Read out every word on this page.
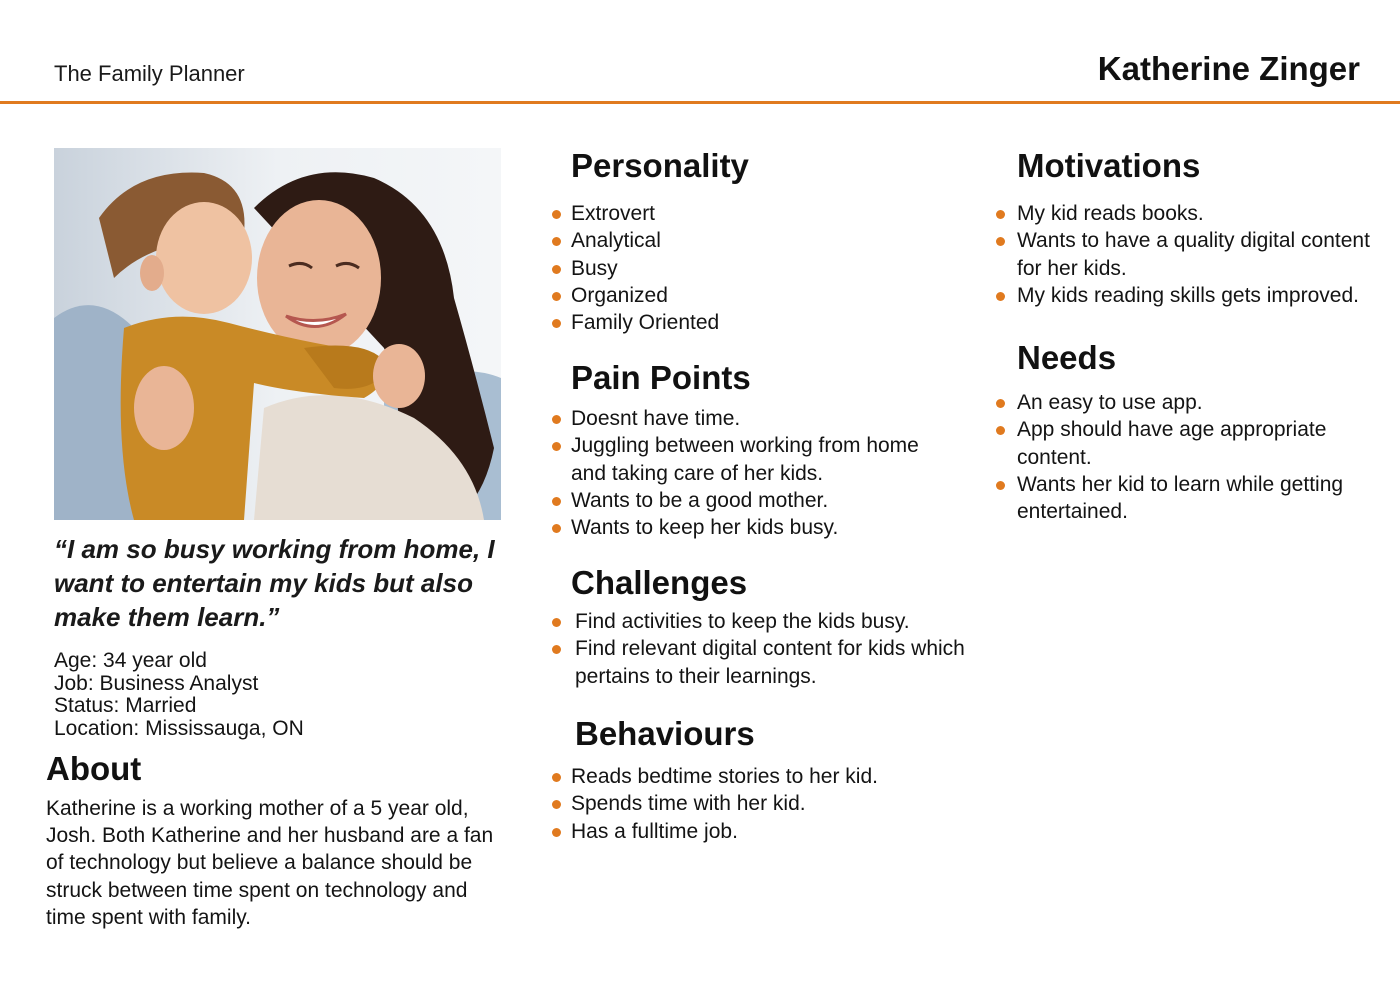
The Family Planner	Katherine Zinger
“I am so busy working from home, I want to entertain my kids but also make them learn.”
Age: 34 year old
Job: Business Analyst
Status: Married
Location: Mississauga, ON
About
Katherine is a working mother of a 5 year old, Josh. Both Katherine and her husband are a fan of technology but believe a balance should be struck between time spent on technology and time spent with family.
Personality
Extrovert
Analytical
Busy
Organized
Family Oriented
Pain Points
Doesnt have time.
Juggling between working from home and taking care of her kids.
Wants to be a good mother.
Wants to keep her kids busy.
Challenges
Find activities to keep the kids busy.
Find relevant digital content for kids which pertains to their learnings.
Behaviours
Reads bedtime stories to her kid.
Spends time with her kid.
Has a fulltime job.
Motivations
My kid reads books.
Wants to have a quality digital content for her kids.
My kids reading skills gets improved.
Needs
An easy to use app.
App should have age appropriate content.
Wants her kid to learn while getting entertained.
